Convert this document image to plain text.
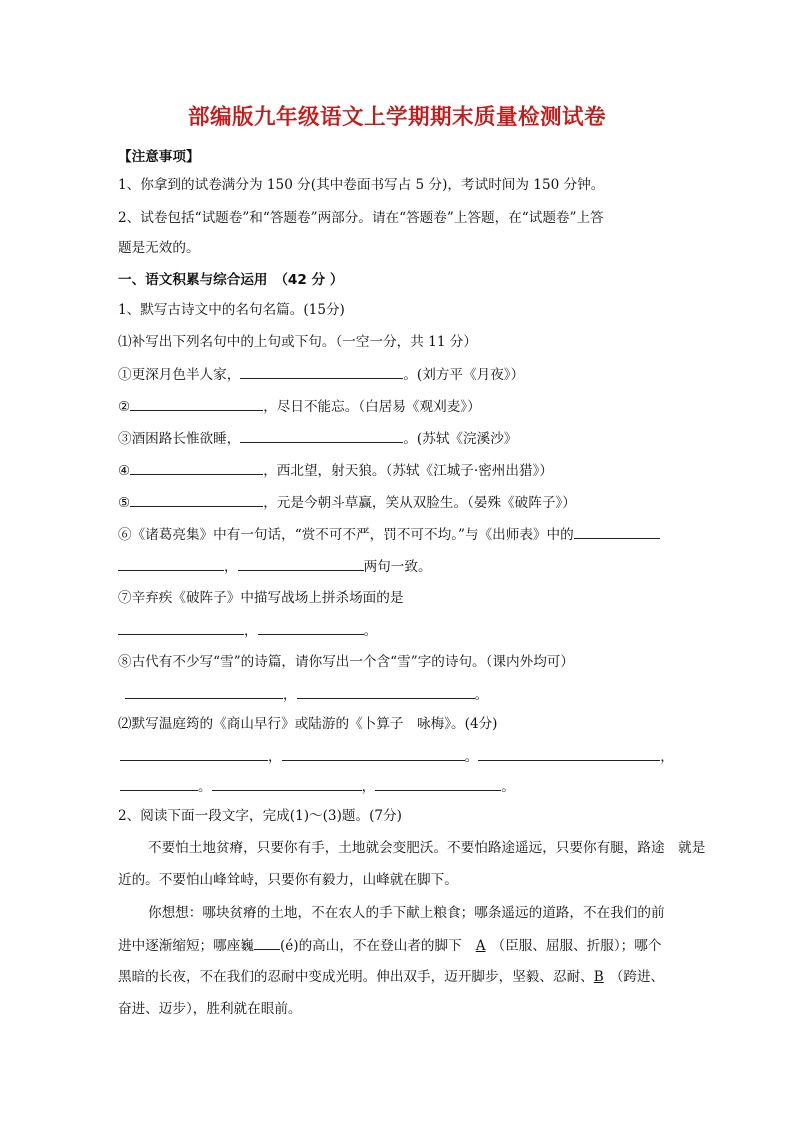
部编版九年级语文上学期期末质量检测试卷
【注意事项】
1、你拿到的试卷满分为 150 分(其中卷面书写占 5 分)，考试时间为 150 分钟。
2、试卷包括“试题卷”和“答题卷”两部分。请在“答题卷”上答题，在“试题卷”上答
题是无效的。
一、语文积累与综合运用　（42 分 ）
1、默写古诗文中的名句名篇。(15分)
⑴补写出下列名句中的上句或下句。（一空一分，共 11 分）
①更深月色半人家，	。(刘方平《月夜》）
②	，尽日不能忘。（白居易《观刈麦》）
③酒困路长惟欲睡，	。(苏轼《浣溪沙》
④	，西北望，射天狼。（苏轼《江城子·密州出猎》）
⑤	，元是今朝斗草赢，笑从双脸生。（晏殊《破阵子》）
⑥《诸葛亮集》中有一句话，“赏不可不严，罚不可不均。”与《出师表》中的
，	两句一致。
⑦辛弃疾《破阵子》中描写战场上拼杀场面的是
，	。
⑧古代有不少写“雪”的诗篇，请你写出一个含“雪”字的诗句。（课内外均可）
，	。
⑵默写温庭筠的《商山早行》或陆游的《卜算子　咏梅》。(4分)
，	。	，
。	，	。
2、阅读下面一段文字，完成(1)～(3)题。(7分)
不要怕土地贫瘠，只要你有手，土地就会变肥沃。不要怕路途遥远，只要你有腿，路途　就是
近的。不要怕山峰耸峙，只要你有毅力，山峰就在脚下。
你想想：哪块贫瘠的土地，不在农人的手下献上粮食；哪条遥远的道路，不在我们的前
进中逐渐缩短；哪座巍 (é)的高山，不在登山者的脚下 A （臣服、屈服、折服）；哪个
黑暗的长夜，不在我们的忍耐中变成光明。伸出双手，迈开脚步，坚毅、忍耐、B （跨进、
奋进、迈步），胜利就在眼前。
